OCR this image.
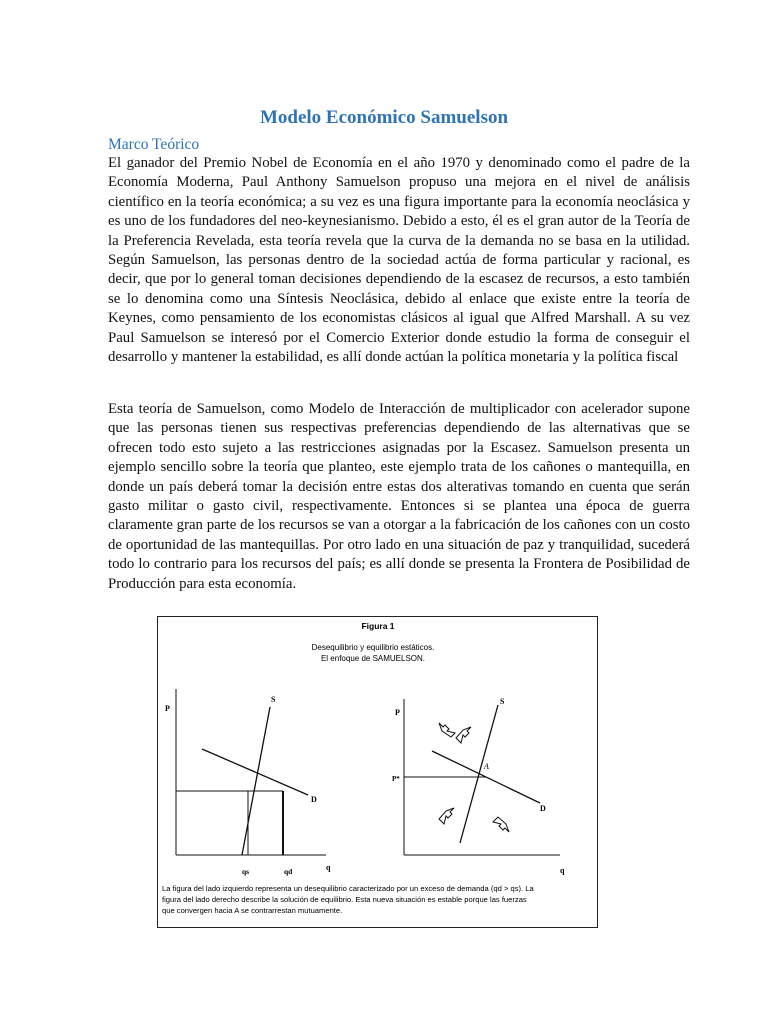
Modelo Económico Samuelson
Marco Teórico
El ganador del Premio Nobel de Economía en el año 1970 y denominado como el padre de la Economía Moderna, Paul Anthony Samuelson propuso una mejora en el nivel de análisis científico en la teoría económica; a su vez es una figura importante para la economía neoclásica y es uno de los fundadores del neo-keynesianismo. Debido a esto, él es el gran autor de la Teoría de la Preferencia Revelada, esta teoría revela que la curva de la demanda no se basa en la utilidad. Según Samuelson, las personas dentro de la sociedad actúa de forma particular y racional, es decir, que por lo general toman decisiones dependiendo de la escasez de recursos, a esto también se lo denomina como una Síntesis Neoclásica, debido al enlace que existe entre la teoría de Keynes, como pensamiento de los economistas clásicos al igual que Alfred Marshall. A su vez Paul Samuelson se interesó por el Comercio Exterior donde estudio la forma de conseguir el desarrollo y mantener la estabilidad, es allí donde actúan la política monetaria y la política fiscal
Esta teoría de Samuelson, como Modelo de Interacción de multiplicador con acelerador supone que las personas tienen sus respectivas preferencias dependiendo de las alternativas que se ofrecen todo esto sujeto a las restricciones asignadas por la Escasez. Samuelson presenta un ejemplo sencillo sobre la teoría que planteo, este ejemplo trata de los cañones o mantequilla, en donde un país deberá tomar la decisión entre estas dos alterativas tomando en cuenta que serán gasto militar o gasto civil, respectivamente. Entonces si se plantea una época de guerra claramente gran parte de los recursos se van a otorgar a la fabricación de los cañones con un costo de oportunidad de las mantequillas. Por otro lado en una situación de paz y tranquilidad, sucederá todo lo contrario para los recursos del país; es allí donde se presenta la Frontera de Posibilidad de Producción para esta economía.
Figura 1
Desequilibrio y equilibrio estáticos.
El enfoque de SAMUELSON.
P
S
D
qs	qd	q
P
S
D
P*
A
q
La figura del lado izquierdo representa un desequilibrio caracterizado por un exceso de demanda (qd > qs). La
figura del lado derecho describe la solución de equilibrio. Esta nueva situación es estable porque las fuerzas
que convergen hacia A se contrarrestan mutuamente.
